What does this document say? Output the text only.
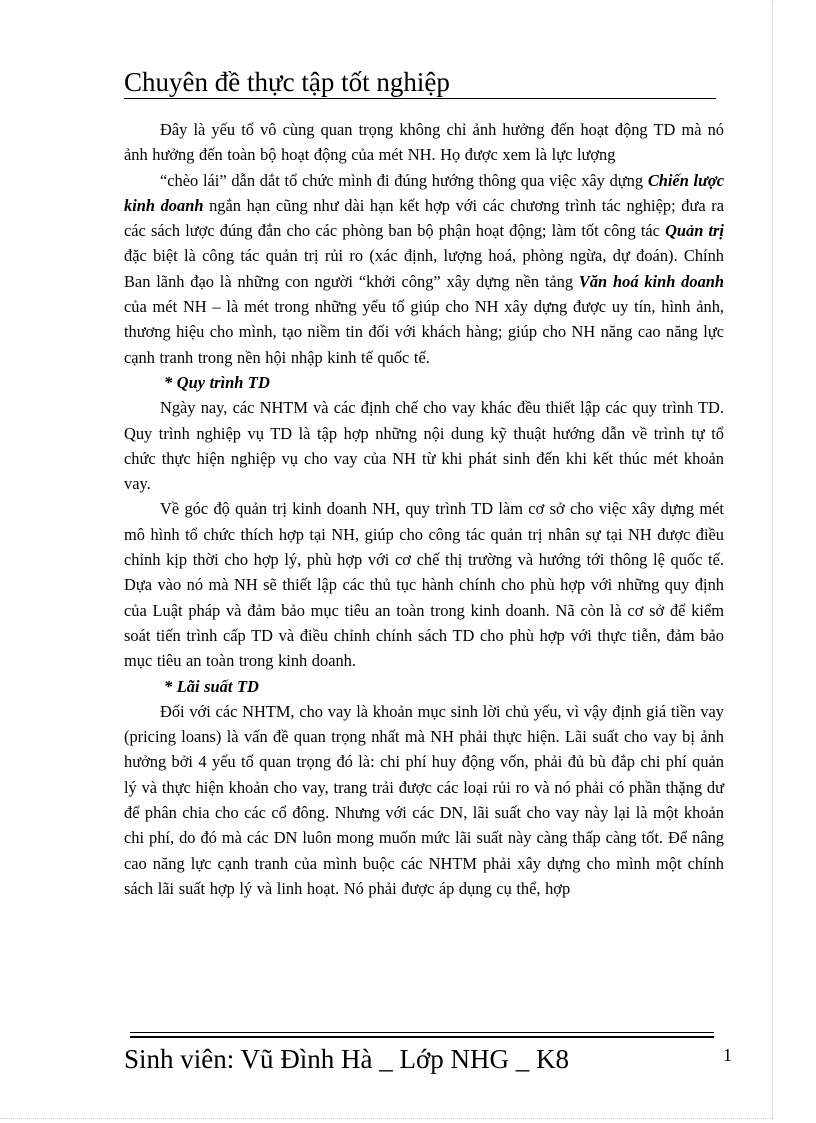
Chuyên đề thực tập tốt nghiệp

Đây là yếu tố vô cùng quan trọng không chỉ ảnh hưởng đến hoạt động TD mà nó ảnh hưởng đến toàn bộ hoạt động của mét NH. Họ được xem là lực lượng

“chèo lái” dẫn dắt tổ chức mình đi đúng hướng thông qua việc xây dựng Chiến lược kinh doanh ngắn hạn cũng như dài hạn kết hợp với các chương trình tác nghiệp; đưa ra các sách lược đúng đắn cho các phòng ban bộ phận hoạt động; làm tốt công tác Quản trị đặc biệt là công tác quản trị rủi ro (xác định, lượng hoá, phòng ngừa, dự đoán). Chính Ban lãnh đạo là những con người “khởi công” xây dựng nền tảng Văn hoá kinh doanh của mét NH – là mét trong những yếu tố giúp cho NH xây dựng được uy tín, hình ảnh, thương hiệu cho mình, tạo niềm tin đối với khách hàng; giúp cho NH năng cao năng lực cạnh tranh trong nền hội nhập kinh tế quốc tế.

* Quy trình TD

Ngày nay, các NHTM và các định chế cho vay khác đều thiết lập các quy trình TD. Quy trình nghiệp vụ TD là tập hợp những nội dung kỹ thuật hướng dẫn về trình tự tổ chức thực hiện nghiệp vụ cho vay của NH từ khi phát sinh đến khi kết thúc mét khoản vay.

Về góc độ quản trị kinh doanh NH, quy trình TD làm cơ sở cho việc xây dựng mét mô hình tổ chức thích hợp tại NH, giúp cho công tác quản trị nhân sự tại NH được điều chỉnh kịp thời cho hợp lý, phù hợp với cơ chế thị trường và hướng tới thông lệ quốc tế. Dựa vào nó mà NH sẽ thiết lập các thủ tục hành chính cho phù hợp với những quy định của Luật pháp và đảm bảo mục tiêu an toàn trong kinh doanh. Nã còn là cơ sở để kiểm soát tiến trình cấp TD và điều chỉnh chính sách TD cho phù hợp với thực tiễn, đảm bảo mục tiêu an toàn trong kinh doanh.

* Lãi suất TD

Đối với các NHTM, cho vay là khoản mục sinh lời chủ yếu, vì vậy định giá tiền vay (pricing loans) là vấn đề quan trọng nhất mà NH phải thực hiện. Lãi suất cho vay bị ảnh hưởng bởi 4 yếu tố quan trọng đó là: chi phí huy động vốn, phải đủ bù đắp chi phí quản lý và thực hiện khoản cho vay, trang trải được các loại rủi ro và nó phải có phần thặng dư để phân chia cho các cổ đông. Nhưng với các DN, lãi suất cho vay này lại là một khoản chi phí, do đó mà các DN luôn mong muốn mức lãi suất này càng thấp càng tốt. Để nâng cao năng lực cạnh tranh của mình buộc các NHTM phải xây dựng cho mình một chính sách lãi suất hợp lý và linh hoạt. Nó phải được áp dụng cụ thể, hợp

Sinh viên: Vũ Đình Hà _ Lớp NHG _ K8	1
